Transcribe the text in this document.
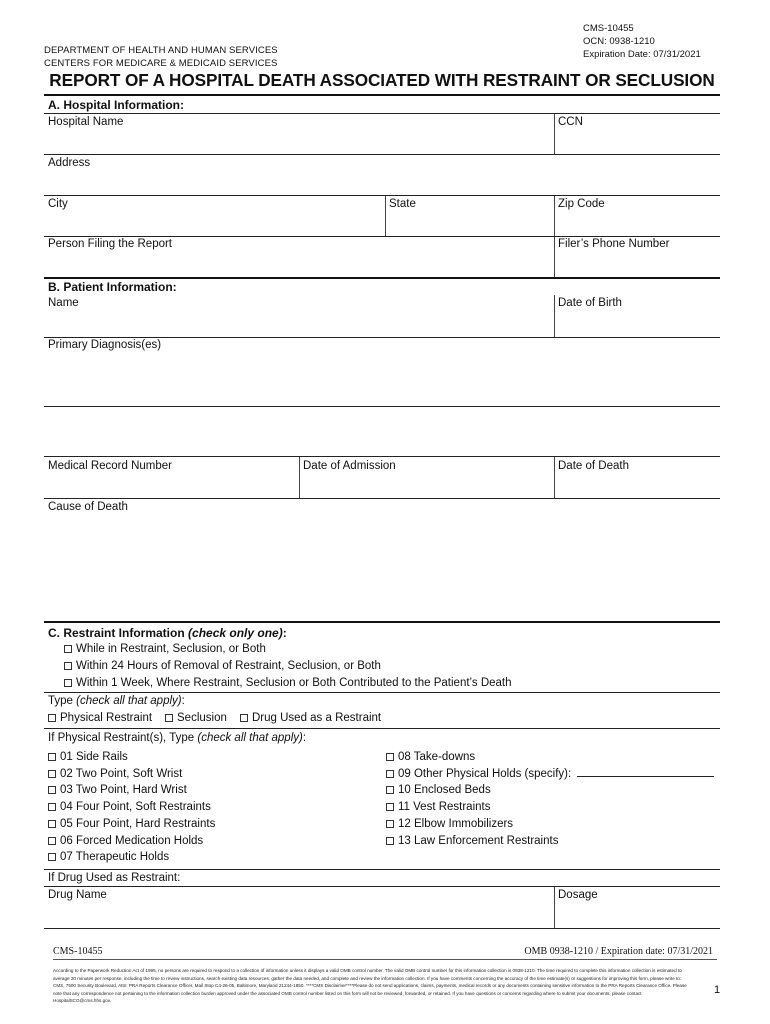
DEPARTMENT OF HEALTH AND HUMAN SERVICES
CENTERS FOR MEDICARE & MEDICAID SERVICES
CMS-10455
OCN: 0938-1210
Expiration Date: 07/31/2021
REPORT OF A HOSPITAL DEATH ASSOCIATED WITH RESTRAINT OR SECLUSION
A. Hospital Information:
Hospital Name	CCN
Address
City	State	Zip Code
Person Filing the Report	Filer’s Phone Number
B. Patient Information:
Name	Date of Birth
Primary Diagnosis(es)
Medical Record Number	Date of Admission	Date of Death
Cause of Death
C. Restraint Information (check only one):
While in Restraint, Seclusion, or Both
Within 24 Hours of Removal of Restraint, Seclusion, or Both
Within 1 Week, Where Restraint, Seclusion or Both Contributed to the Patient’s Death
Type (check all that apply):
Physical Restraint	Seclusion	Drug Used as a Restraint
If Physical Restraint(s), Type (check all that apply):
01 Side Rails
02 Two Point, Soft Wrist
03 Two Point, Hard Wrist
04 Four Point, Soft Restraints
05 Four Point, Hard Restraints
06 Forced Medication Holds
07 Therapeutic Holds
08 Take-downs
09 Other Physical Holds (specify):
10 Enclosed Beds
11 Vest Restraints
12 Elbow Immobilizers
13 Law Enforcement Restraints
If Drug Used as Restraint:
Drug Name	Dosage
CMS-10455	OMB 0938-1210 / Expiration date: 07/31/2021
According to the Paperwork Reduction Act of 1995, no persons are required to respond to a collection of information unless it displays a valid OMB control number. The valid OMB control number for this information collection is 0938-1210. The time required to complete this information collection is estimated to average 20 minutes per response, including the time to review instructions, search existing data resources, gather the data needed, and complete and review the information collection. If you have comments concerning the accuracy of the time estimate(s) or suggestions for improving this form, please write to: CMS, 7500 Security Boulevard, Attn: PRA Reports Clearance Officer, Mail Stop C4-26-05, Baltimore, Maryland 21244-1850. ****CMS Disclaimer****Please do not send applications, claims, payments, medical records or any documents containing sensitive information to the PRA Reports Clearance Office. Please note that any correspondence not pertaining to the information collection burden approved under the associated OMB control number listed on this form will not be reviewed, forwarded, or retained. If you have questions or concerns regarding where to submit your documents, please contact HospitalSCG@cms.hhs.gov.
1
